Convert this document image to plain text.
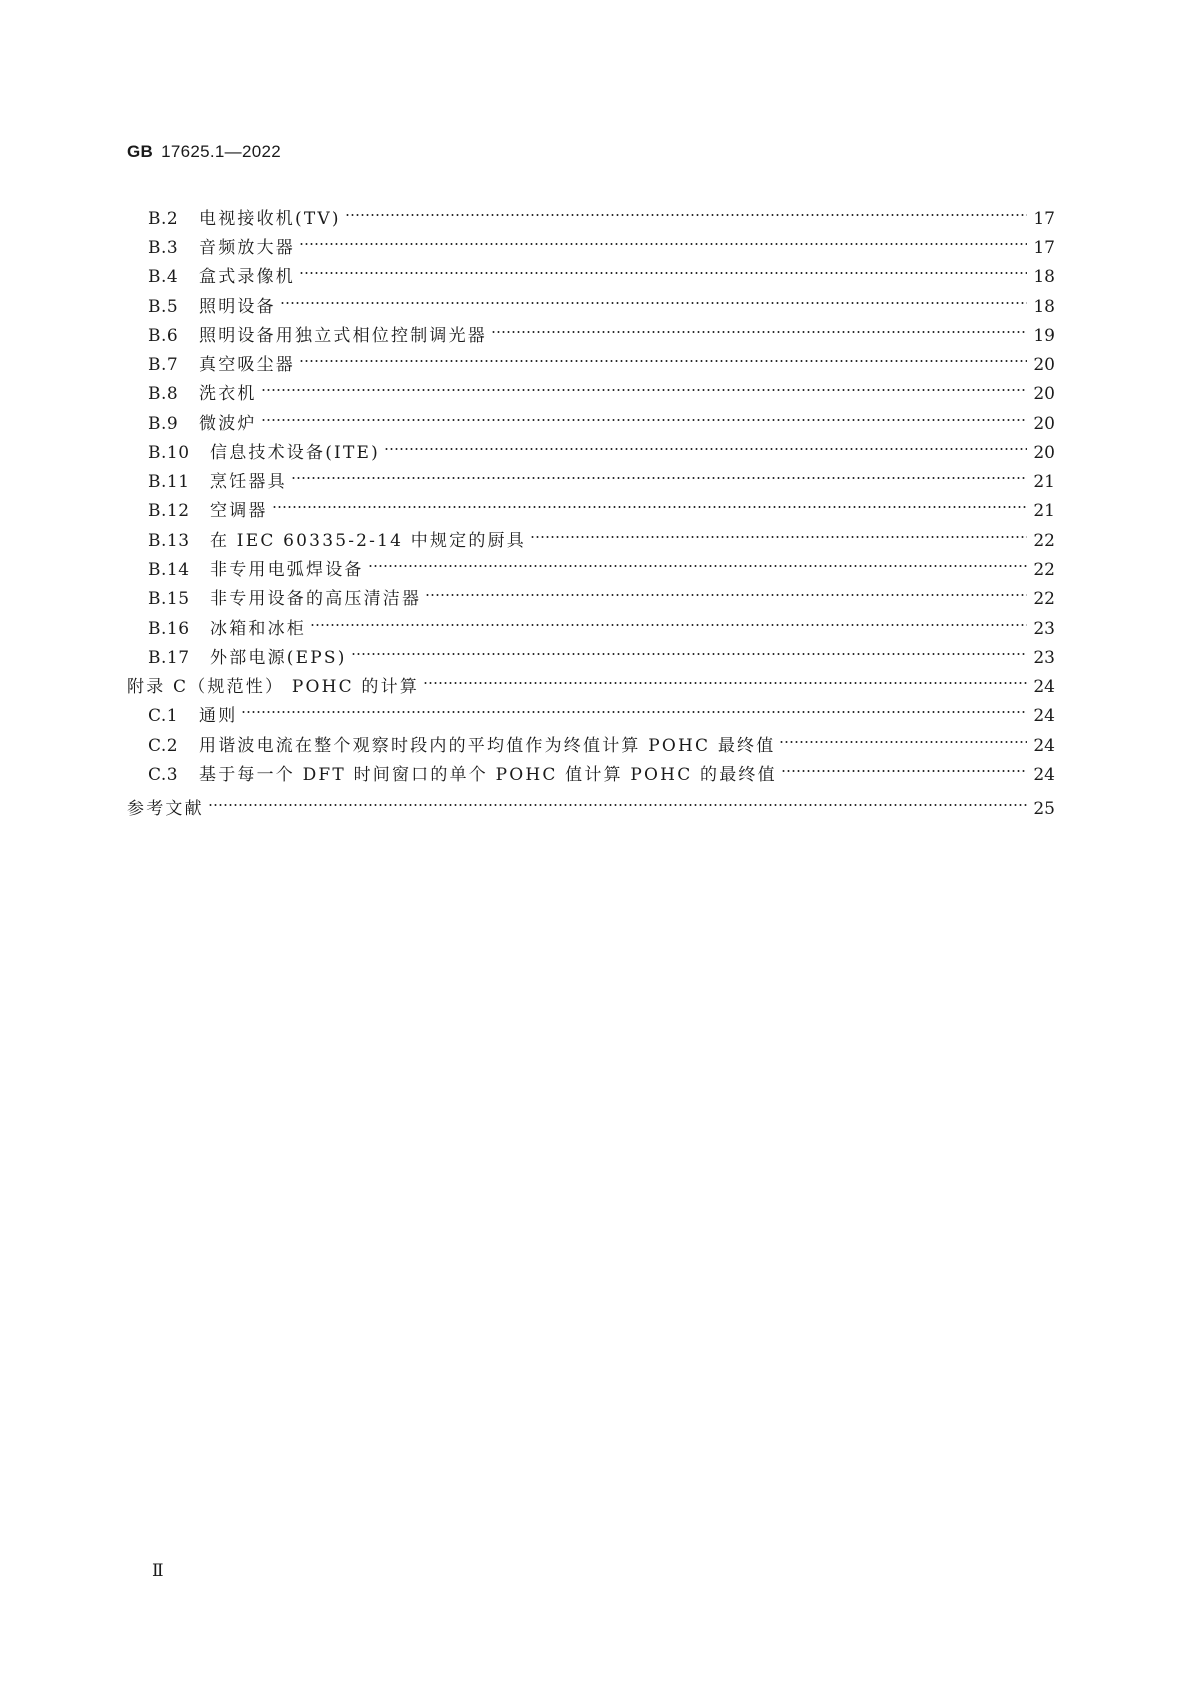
GB 17625.1—2022
B.2	电视接收机(TV)	17
B.3	音频放大器	17
B.4	盒式录像机	18
B.5	照明设备	18
B.6	照明设备用独立式相位控制调光器	19
B.7	真空吸尘器	20
B.8	洗衣机	20
B.9	微波炉	20
B.10	信息技术设备(ITE)	20
B.11	烹饪器具	21
B.12	空调器	21
B.13	在 IEC 60335-2-14 中规定的厨具	22
B.14	非专用电弧焊设备	22
B.15	非专用设备的高压清洁器	22
B.16	冰箱和冰柜	23
B.17	外部电源(EPS)	23
附录 C（规范性） POHC 的计算	24
C.1	通则	24
C.2	用谐波电流在整个观察时段内的平均值作为终值计算 POHC 最终值	24
C.3	基于每一个 DFT 时间窗口的单个 POHC 值计算 POHC 的最终值	24
参考文献	25
Ⅱ
